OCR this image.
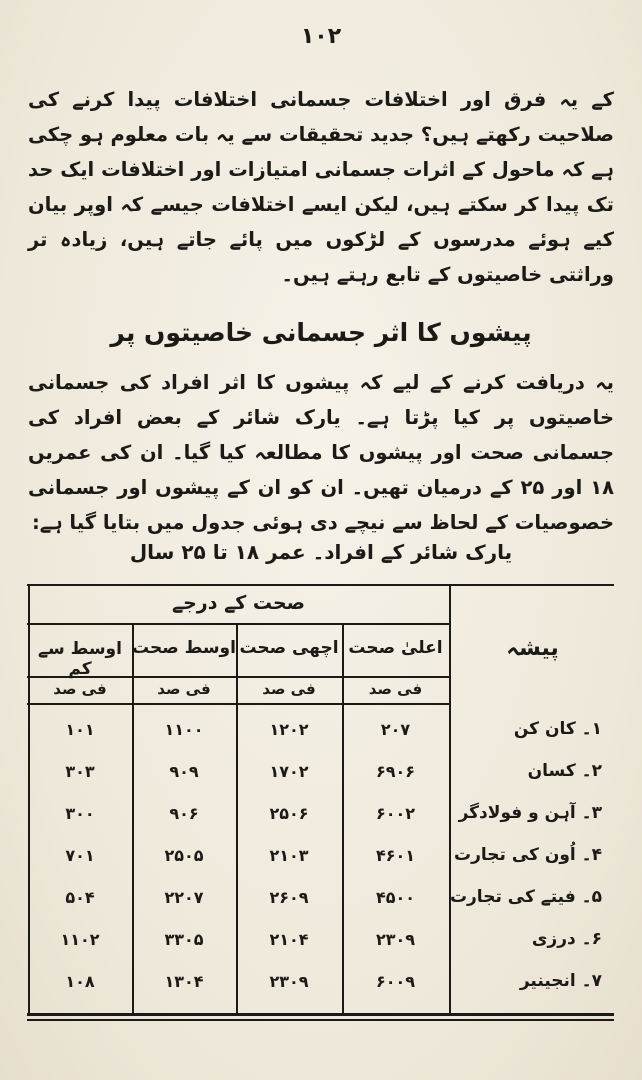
۱۰۲

کے یہ فرق اور اختلافات جسمانی اختلافات پیدا کرنے کی صلاحیت رکھتے ہیں؟ جدید تحقیقات سے یہ بات معلوم ہو چکی ہے کہ ماحول کے اثرات جسمانی امتیازات اور اختلافات ایک حد تک پیدا کر سکتے ہیں، لیکن ایسے اختلافات جیسے کہ اوپر بیان کیے ہوئے مدرسوں کے لڑکوں میں پائے جاتے ہیں، زیادہ تر وراثتی خاصیتوں کے تابع رہتے ہیں۔

پیشوں کا اثر جسمانی خاصیتوں پر

یہ دریافت کرنے کے لیے کہ پیشوں کا اثر افراد کی جسمانی خاصیتوں پر کیا پڑتا ہے۔ یارک شائر کے بعض افراد کی جسمانی صحت اور پیشوں کا مطالعہ کیا گیا۔ ان کی عمریں ۱۸ اور ۲۵ کے درمیان تھیں۔ ان کو ان کے پیشوں اور جسمانی خصوصیات کے لحاظ سے نیچے دی ہوئی جدول میں بتایا گیا ہے:

یارک شائر کے افراد۔ عمر ۱۸ تا ۲۵ سال
صحت کے درجے
پیشہ
اعلیٰ صحت
اچھی صحت
اوسط صحت
اوسط سے کم
فی صد
فی صد
فی صد
فی صد
۱۔ کان کن
۲۰۷
۱۲۰۲
۱۱۰۰
۱۰۱
۲۔ کسان
۶۹۰۶
۱۷۰۲
۹۰۹
۳۰۳
۳۔ آہن و فولادگر
۶۰۰۲
۲۵۰۶
۹۰۶
۳۰۰
۴۔ اُون کی تجارت
۴۶۰۱
۲۱۰۳
۲۵۰۵
۷۰۱
۵۔ فیتے کی تجارت
۴۵۰۰
۲۶۰۹
۲۲۰۷
۵۰۴
۶۔ درزی
۲۳۰۹
۲۱۰۴
۳۳۰۵
۱۱۰۲
۷۔ انجینیر
۶۰۰۹
۲۳۰۹
۱۳۰۴
۱۰۸
